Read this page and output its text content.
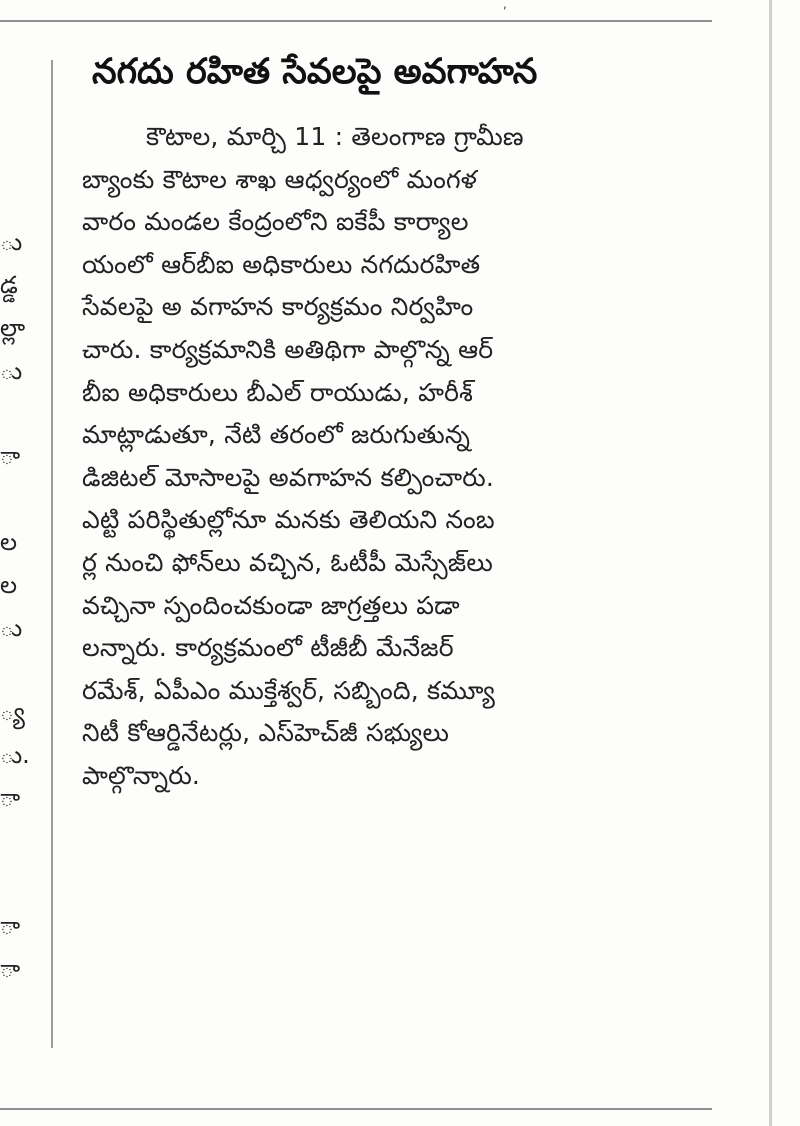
,
ు
డ్డ
ల్లా
ు
ా
ల
ల
ు
్య
ు.
ా
ా
ా
నగదు రహిత సేవలపై అవగాహన
కౌటాల, మార్చి 11 : తెలంగాణ గ్రామీణ
బ్యాంకు కౌటాల శాఖ ఆధ్వర్యంలో మంగళ
వారం మండల కేంద్రంలోని ఐకేపీ కార్యాల
యంలో ఆర్‌బీఐ అధికారులు నగదురహిత
సేవలపై అ వగాహన కార్యక్రమం నిర్వహిం
చారు. కార్యక్రమానికి అతిథిగా పాల్గొన్న ఆర్
బీఐ అధికారులు బీఎల్ రాయుడు, హరీశ్
మాట్లాడుతూ, నేటి తరంలో జరుగుతున్న
డిజిటల్ మోసాలపై అవగాహన కల్పించారు.
ఎట్టి పరిస్థితుల్లోనూ మనకు తెలియని నంబ
ర్ల నుంచి ఫోన్‌లు వచ్చిన, ఓటీపీ మెస్సేజ్‌లు
వచ్చినా స్పందించకుండా జాగ్రత్తలు పడా
లన్నారు. కార్యక్రమంలో టీజీబీ మేనేజర్
రమేశ్, ఏపీఎం ముక్తేశ్వర్, సబ్బింది, కమ్యూ
నిటీ కోఆర్డినేటర్లు, ఎస్‌హెచ్‌జీ సభ్యులు
పాల్గొన్నారు.
